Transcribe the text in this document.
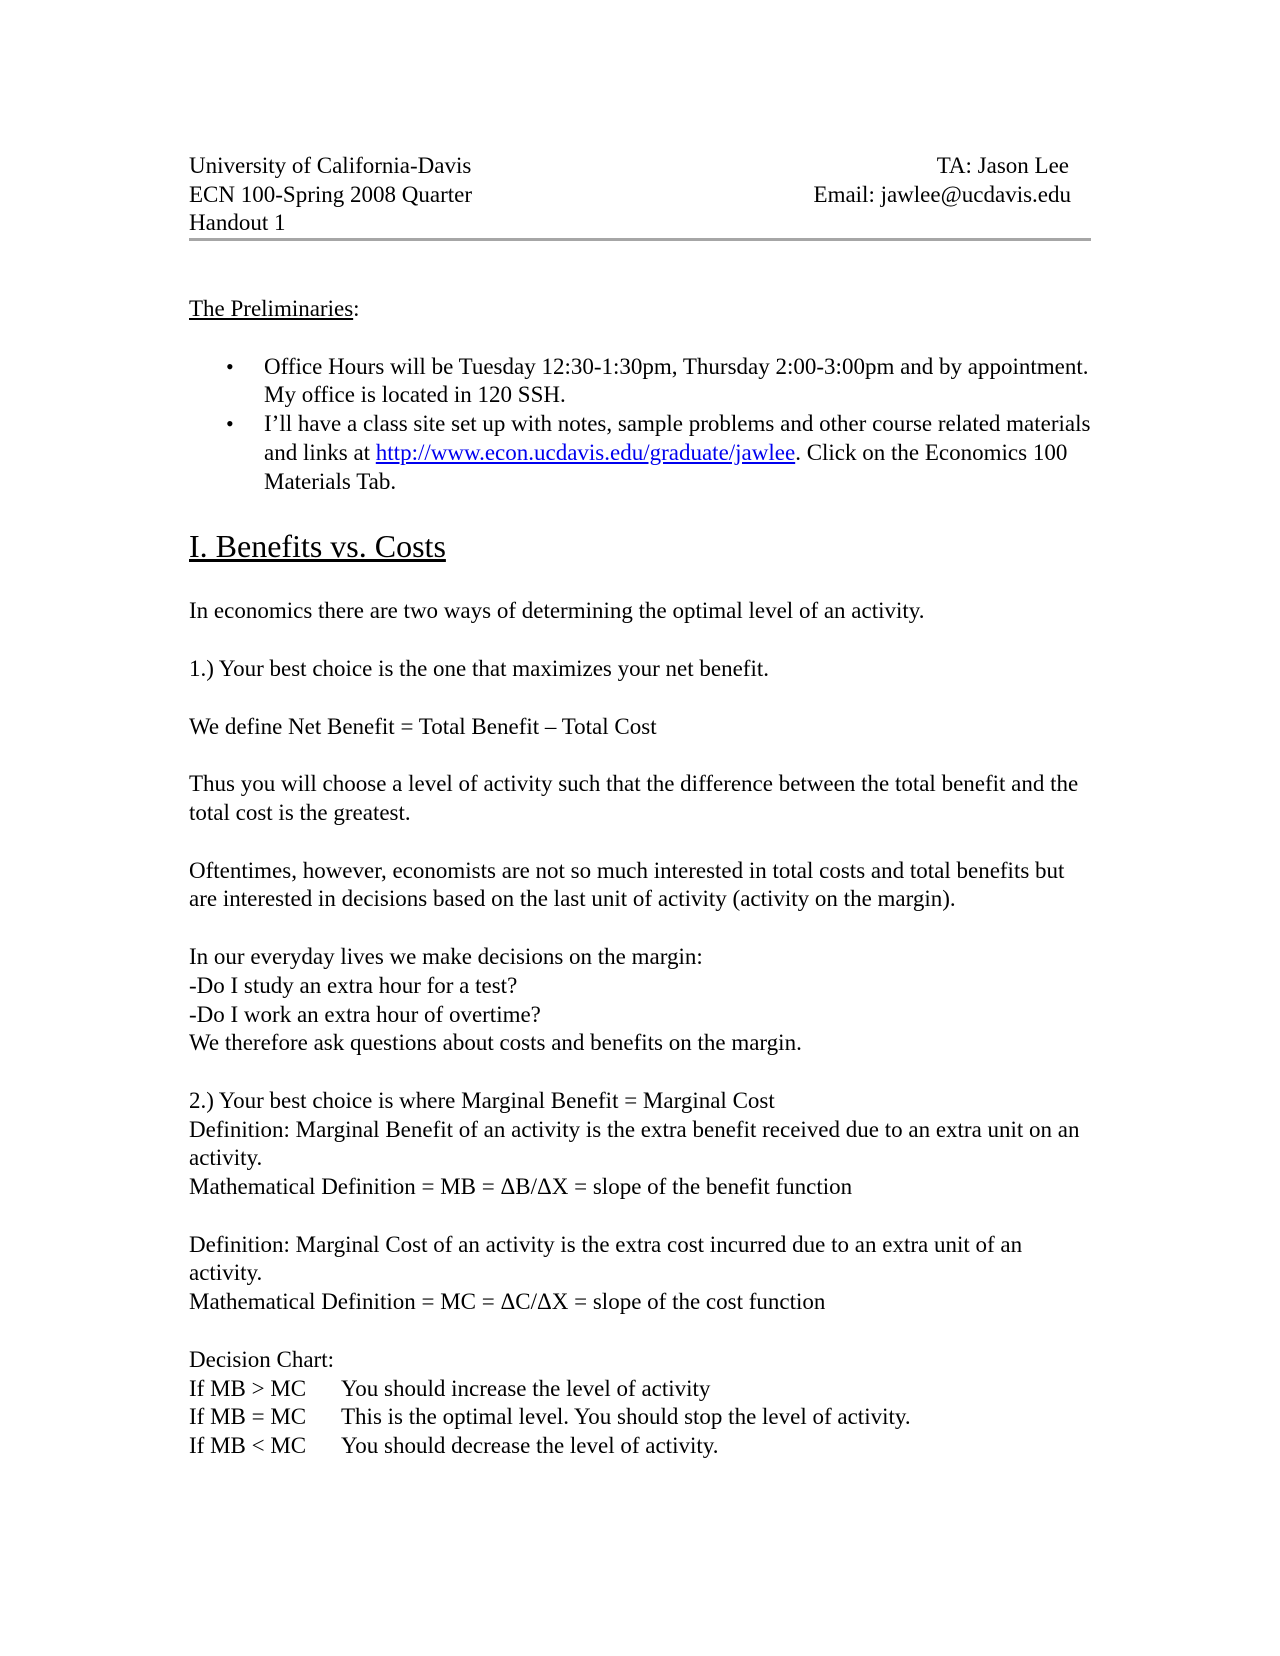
University of California-Davis
ECN 100-Spring 2008 Quarter
Handout 1
TA: Jason Lee
Email: jawlee@ucdavis.edu
The Preliminaries:
• Office Hours will be Tuesday 12:30-1:30pm, Thursday 2:00-3:00pm and by appointment. My office is located in 120 SSH.
• I’ll have a class site set up with notes, sample problems and other course related materials and links at http://www.econ.ucdavis.edu/graduate/jawlee. Click on the Economics 100 Materials Tab.
I. Benefits vs. Costs

In economics there are two ways of determining the optimal level of an activity.

1.) Your best choice is the one that maximizes your net benefit.

We define Net Benefit = Total Benefit – Total Cost

Thus you will choose a level of activity such that the difference between the total benefit and the total cost is the greatest.

Oftentimes, however, economists are not so much interested in total costs and total benefits but are interested in decisions based on the last unit of activity (activity on the margin).

In our everyday lives we make decisions on the margin:

-Do I study an extra hour for a test?

-Do I work an extra hour of overtime?

We therefore ask questions about costs and benefits on the margin.

2.) Your best choice is where Marginal Benefit = Marginal Cost

Definition: Marginal Benefit of an activity is the extra benefit received due to an extra unit on an activity.

Mathematical Definition = MB = ΔB/ΔX = slope of the benefit function

Definition: Marginal Cost of an activity is the extra cost incurred due to an extra unit of an activity.

Mathematical Definition = MC = ΔC/ΔX = slope of the cost function

Decision Chart:

If MB > MC	You should increase the level of activity
If MB = MC	This is the optimal level. You should stop the level of activity.
If MB < MC	You should decrease the level of activity.
